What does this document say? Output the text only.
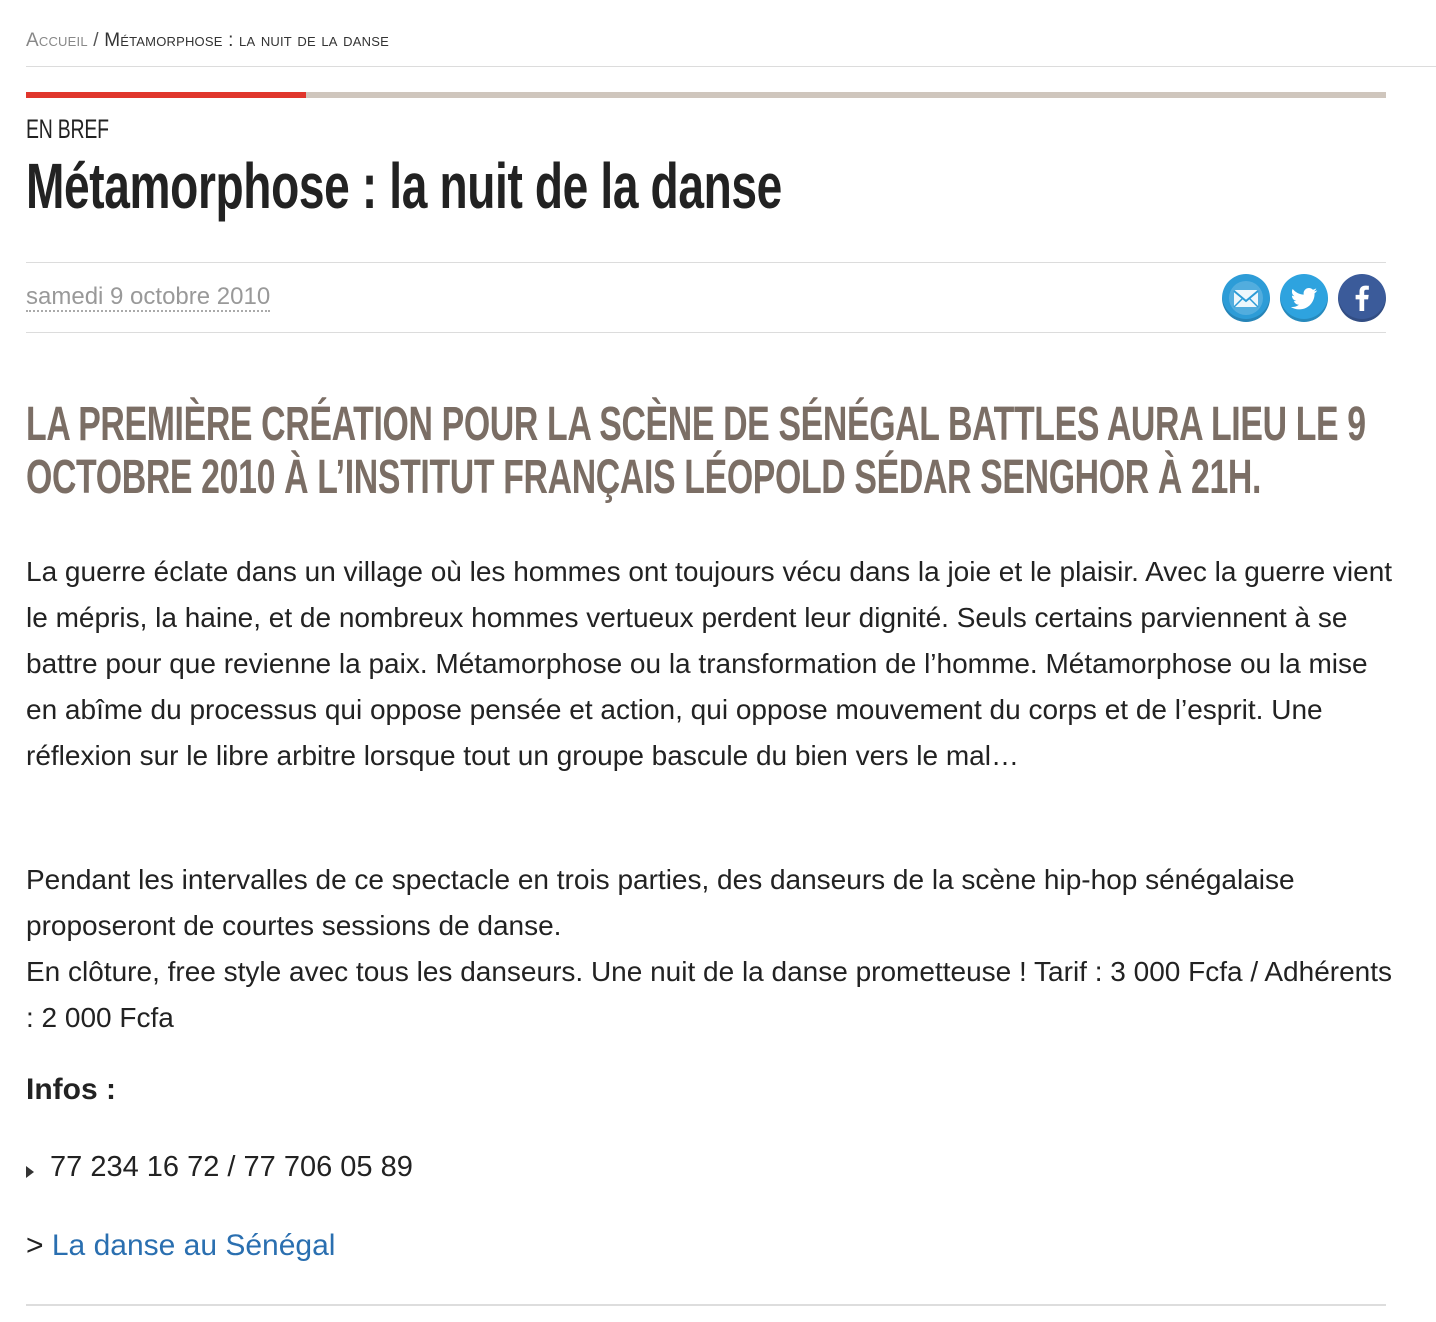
Accueil / Métamorphose : la nuit de la danse
EN BREF
Métamorphose : la nuit de la danse
samedi 9 octobre 2010
LA PREMIÈRE CRÉATION POUR LA SCÈNE DE SÉNÉGAL BATTLES AURA LIEU LE 9 OCTOBRE 2010 À L’INSTITUT FRANÇAIS LÉOPOLD SÉDAR SENGHOR À 21H.

La guerre éclate dans un village où les hommes ont toujours vécu dans la joie et le plaisir. Avec la guerre vient le mépris, la haine, et de nombreux hommes vertueux perdent leur dignité. Seuls certains parviennent à se battre pour que revienne la paix. Métamorphose ou la transformation de l’homme. Métamorphose ou la mise en abîme du processus qui oppose pensée et action, qui oppose mouvement du corps et de l’esprit. Une réflexion sur le libre arbitre lorsque tout un groupe bascule du bien vers le mal…

Pendant les intervalles de ce spectacle en trois parties, des danseurs de la scène hip-hop sénégalaise proposeront de courtes sessions de danse.
En clôture, free style avec tous les danseurs. Une nuit de la danse prometteuse ! Tarif : 3 000 Fcfa / Adhérents : 2 000 Fcfa

Infos :
77 234 16 72 / 77 706 05 89
> La danse au Sénégal
